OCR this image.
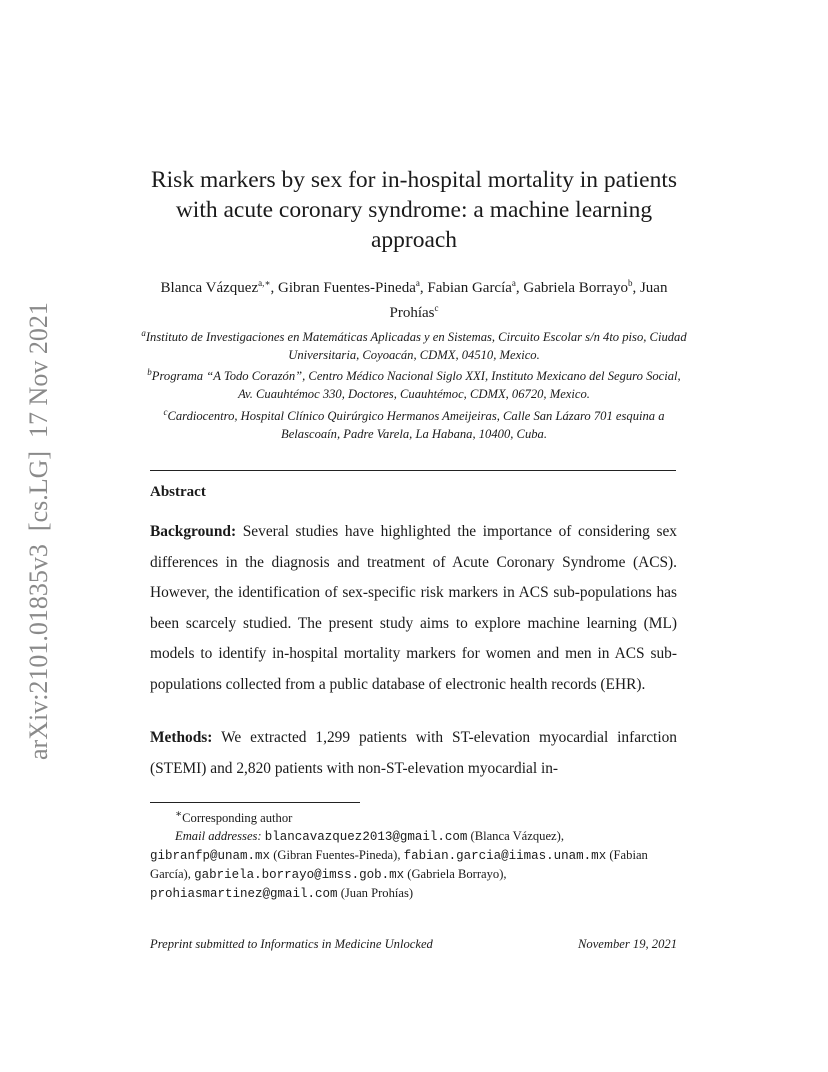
arXiv:2101.01835v3  [cs.LG]  17 Nov 2021
Risk markers by sex for in-hospital mortality in patients with acute coronary syndrome: a machine learning approach
Blanca Vázquez$^{a,∗}$, Gibran Fuentes-Pineda$^a$, Fabian García$^a$, Gabriela Borrayo$^b$, Juan Prohías$^c$
$^a$Instituto de Investigaciones en Matemáticas Aplicadas y en Sistemas, Circuito Escolar s/n 4to piso, Ciudad Universitaria, Coyoacán, CDMX, 04510, Mexico.
$^b$Programa “A Todo Corazón”, Centro Médico Nacional Siglo XXI, Instituto Mexicano del Seguro Social, Av. Cuauhtémoc 330, Doctores, Cuauhtémoc, CDMX, 06720, Mexico.
$^c$Cardiocentro, Hospital Clínico Quirúrgico Hermanos Ameijeiras, Calle San Lázaro 701 esquina a Belascoaín, Padre Varela, La Habana, 10400, Cuba.
Abstract

Background: Several studies have highlighted the importance of considering sex differences in the diagnosis and treatment of Acute Coronary Syndrome (ACS). However, the identification of sex-specific risk markers in ACS sub-populations has been scarcely studied. The present study aims to explore machine learning (ML) models to identify in-hospital mortality markers for women and men in ACS sub-populations collected from a public database of electronic health records (EHR).

Methods: We extracted 1,299 patients with ST-elevation myocardial infarction (STEMI) and 2,820 patients with non-ST-elevation myocardial in-

∗Corresponding author
Email addresses: blancavazquez2013@gmail.com (Blanca Vázquez), gibranfp@unam.mx (Gibran Fuentes-Pineda), fabian.garcia@iimas.unam.mx (Fabian García), gabriela.borrayo@imss.gob.mx (Gabriela Borrayo),
prohiasmartinez@gmail.com (Juan Prohías)
Preprint submitted to Informatics in Medicine Unlocked	November 19, 2021
